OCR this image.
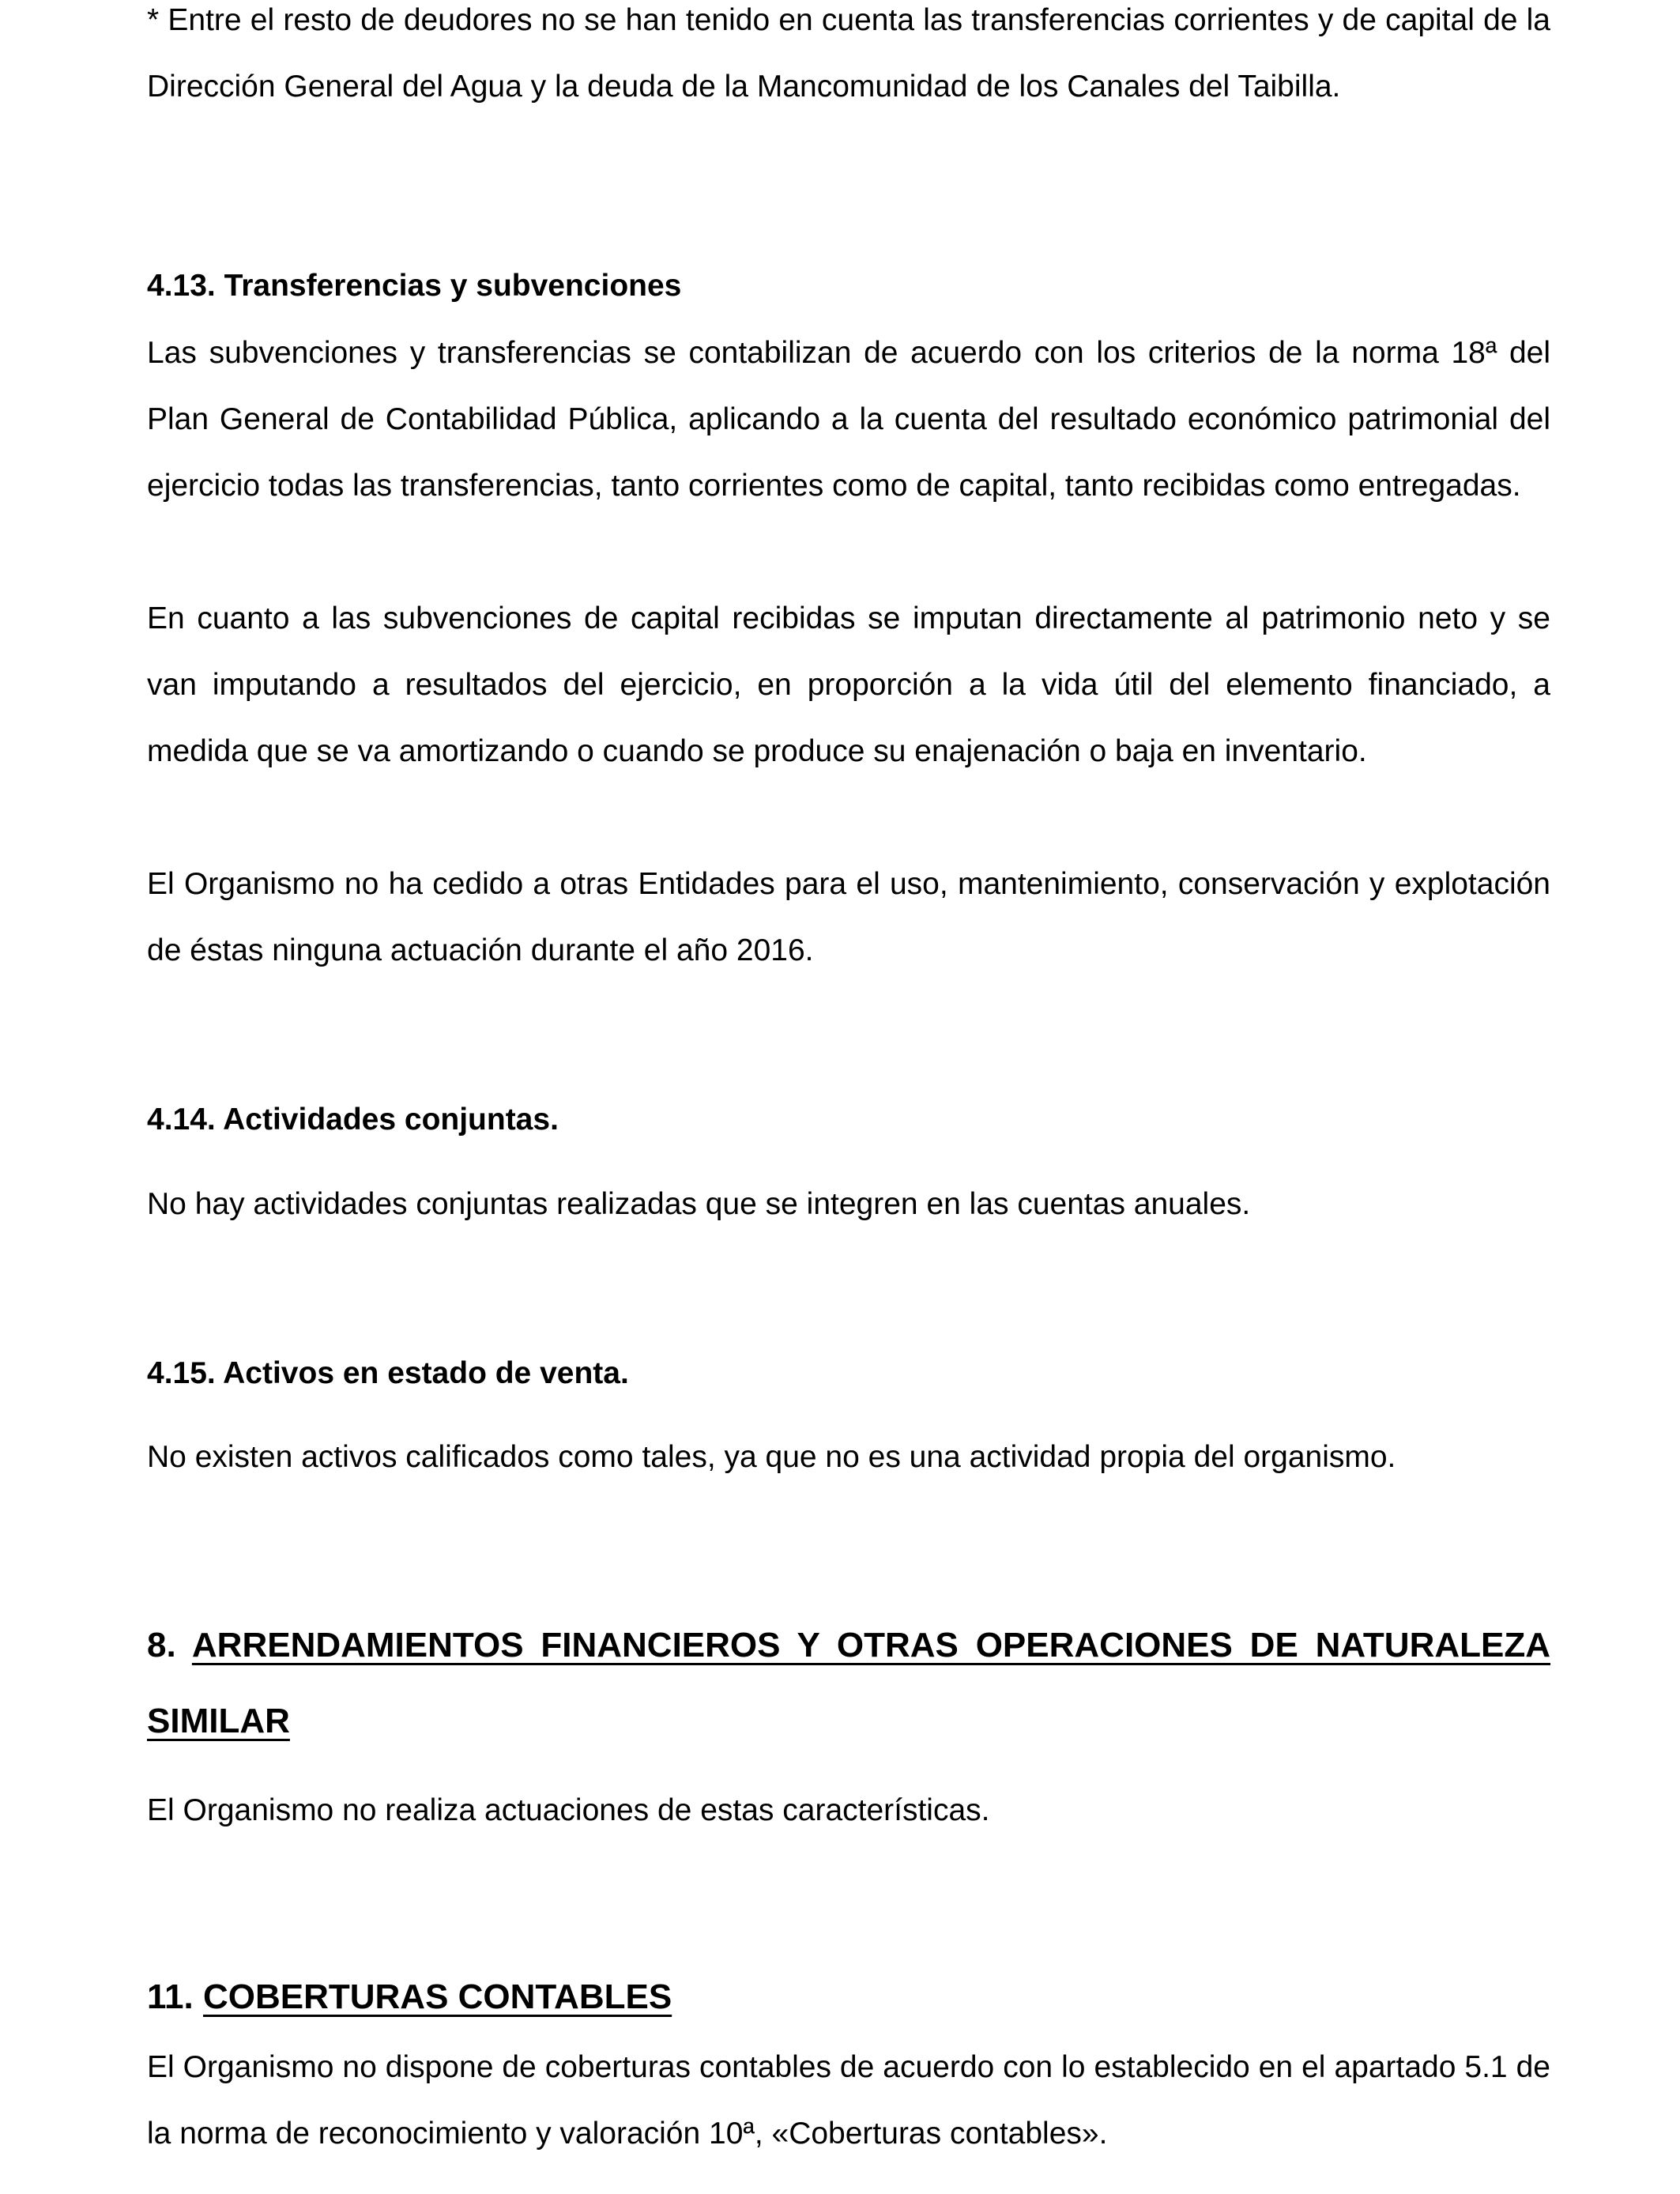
* Entre el resto de deudores no se han tenido en cuenta las transferencias corrientes y de capital de la Dirección General del Agua y la deuda de la Mancomunidad de los Canales del Taibilla.

4.13. Transferencias y subvenciones

Las subvenciones y transferencias se contabilizan de acuerdo con los criterios de la norma 18ª del Plan General de Contabilidad Pública, aplicando a la cuenta del resultado económico patrimonial del ejercicio todas las transferencias, tanto corrientes como de capital, tanto recibidas como entregadas.

En cuanto a las subvenciones de capital recibidas se imputan directamente al patrimonio neto y se van imputando a resultados del ejercicio, en proporción a la vida útil del elemento financiado, a medida que se va amortizando o cuando se produce su enajenación o baja en inventario.

El Organismo no ha cedido a otras Entidades para el uso, mantenimiento, conservación y explotación de éstas ninguna actuación durante el año 2016.

4.14. Actividades conjuntas.

No hay actividades conjuntas realizadas que se integren en las cuentas anuales.

4.15. Activos en estado de venta.

No existen activos calificados como tales, ya que no es una actividad propia del organismo.

8. ARRENDAMIENTOS FINANCIEROS Y OTRAS OPERACIONES DE NATURALEZA SIMILAR

El Organismo no realiza actuaciones de estas características.

11. COBERTURAS CONTABLES

El Organismo no dispone de coberturas contables de acuerdo con lo establecido en el apartado 5.1 de la norma de reconocimiento y valoración 10ª, «Coberturas contables».
